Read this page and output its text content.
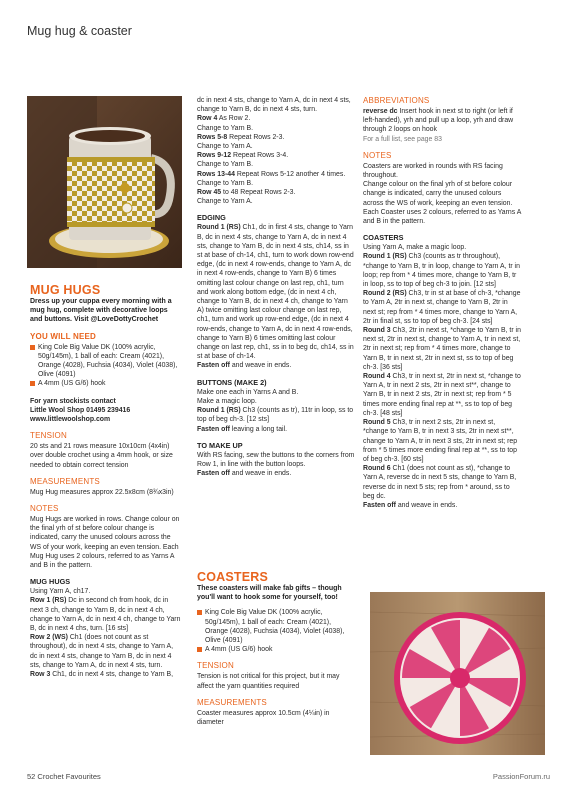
Mug hug & coaster
MUG HUGS

Dress up your cuppa every morning with a mug hug, complete with decorative loops and buttons. Visit @LoveDottyCrochet

YOU WILL NEED

King Cole Big Value DK (100% acrylic, 50g/145m), 1 ball of each: Cream (4021), Orange (4028), Fuchsia (4034), Violet (4038), Olive (4091)

A 4mm (US G/6) hook

For yarn stockists contact

Little Wool Shop 01495 239416

www.littlewoolshop.com

TENSION

20 sts and 21 rows measure 10x10cm (4x4in) over double crochet using a 4mm hook, or size needed to obtain correct tension

MEASUREMENTS

Mug Hug measures approx 22.5x8cm (8¾x3in)

NOTES

Mug Hugs are worked in rows. Change colour on the final yrh of st before colour change is indicated, carry the unused colours across the WS of your work, keeping an even tension. Each Mug Hug uses 2 colours, referred to as Yarns A and B in the pattern.

MUG HUGS

Using Yarn A, ch17.

Row 1 (RS) Dc in second ch from hook, dc in next 3 ch, change to Yarn B, dc in next 4 ch, change to Yarn A, dc in next 4 ch, change to Yarn B, dc in next 4 chs, turn. [16 sts]

Row 2 (WS) Ch1 (does not count as st throughout), dc in next 4 sts, change to Yarn A, dc in next 4 sts, change to Yarn B, dc in next 4 sts, change to Yarn A, dc in next 4 sts, turn.

Row 3 Ch1, dc in next 4 sts, change to Yarn B,

dc in next 4 sts, change to Yarn A, dc in next 4 sts, change to Yarn B, dc in next 4 sts, turn.

Row 4 As Row 2.

Change to Yarn B.

Rows 5-8 Repeat Rows 2-3.

Change to Yarn A.

Rows 9-12 Repeat Rows 3-4.

Change to Yarn B.

Rows 13-44 Repeat Rows 5-12 another 4 times.

Change to Yarn B.

Row 45 to 48 Repeat Rows 2-3.

Change to Yarn A.

EDGING

Round 1 (RS) Ch1, dc in first 4 sts, change to Yarn B, dc in next 4 sts, change to Yarn A, dc in next 4 sts, change to Yarn B, dc in next 4 sts, ch14, ss in st at base of ch-14, ch1, turn to work down row-end edge, (dc in next 4 row-ends, change to Yarn A, dc in next 4 row-ends, change to Yarn B) 6 times omitting last colour change on last rep, ch1, turn and work along bottom edge, (dc in next 4 ch, change to Yarn B, dc in next 4 ch, change to Yarn A) twice omitting last colour change on last rep, ch1, turn and work up row-end edge, (dc in next 4 row-ends, change to Yarn A, dc in next 4 row-ends, change to Yarn B) 6 times omitting last colour change on last rep, ch1, ss in to beg dc, ch14, ss in st at base of ch-14.

Fasten off and weave in ends.

BUTTONS (MAKE 2)

Make one each in Yarns A and B.

Make a magic loop.

Round 1 (RS) Ch3 (counts as tr), 11tr in loop, ss to top of beg ch-3. [12 sts]

Fasten off leaving a long tail.

TO MAKE UP

With RS facing, sew the buttons to the corners from Row 1, in line with the button loops.

Fasten off and weave in ends.

COASTERS

These coasters will make fab gifts – though you'll want to hook some for yourself, too!

King Cole Big Value DK (100% acrylic, 50g/145m), 1 ball of each: Cream (4021), Orange (4028), Fuchsia (4034), Violet (4038), Olive (4091)

A 4mm (US G/6) hook

TENSION

Tension is not critical for this project, but it may affect the yarn quantities required

MEASUREMENTS

Coaster measures approx 10.5cm (4¼in) in diameter

ABBREVIATIONS

reverse dc Insert hook in next st to right (or left if left-handed), yrh and pull up a loop, yrh and draw through 2 loops on hook

For a full list, see page 83

NOTES

Coasters are worked in rounds with RS facing throughout.

Change colour on the final yrh of st before colour change is indicated, carry the unused colours across the WS of work, keeping an even tension.

Each Coaster uses 2 colours, referred to as Yarns A and B in the pattern.

COASTERS

Using Yarn A, make a magic loop.

Round 1 (RS) Ch3 (counts as tr throughout), *change to Yarn B, tr in loop, change to Yarn A, tr in loop; rep from * 4 times more, change to Yarn B, tr in loop, ss to top of beg ch-3 to join. [12 sts]

Round 2 (RS) Ch3, tr in st at base of ch-3, *change to Yarn A, 2tr in next st, change to Yarn B, 2tr in next st; rep from * 4 times more, change to Yarn A, 2tr in final st, ss to top of beg ch-3. [24 sts]

Round 3 Ch3, 2tr in next st, *change to Yarn B, tr in next st, 2tr in next st, change to Yarn A, tr in next st, 2tr in next st; rep from * 4 times more, change to Yarn B, tr in next st, 2tr in next st, ss to top of beg ch-3. [36 sts]

Round 4 Ch3, tr in next st, 2tr in next st, *change to Yarn A, tr in next 2 sts, 2tr in next st**, change to Yarn B, tr in next 2 sts, 2tr in next st; rep from * 5 times more ending final rep at **, ss to top of beg ch-3. [48 sts]

Round 5 Ch3, tr in next 2 sts, 2tr in next st, *change to Yarn B, tr in next 3 sts, 2tr in next st**, change to Yarn A, tr in next 3 sts, 2tr in next st; rep from * 5 times more ending final rep at **, ss to top of beg ch-3. [60 sts]

Round 6 Ch1 (does not count as st), *change to Yarn A, reverse dc in next 5 sts, change to Yarn B, reverse dc in next 5 sts; rep from * around, ss to beg dc.

Fasten off and weave in ends.

52 Crochet Favourites	PassionForum.ru
